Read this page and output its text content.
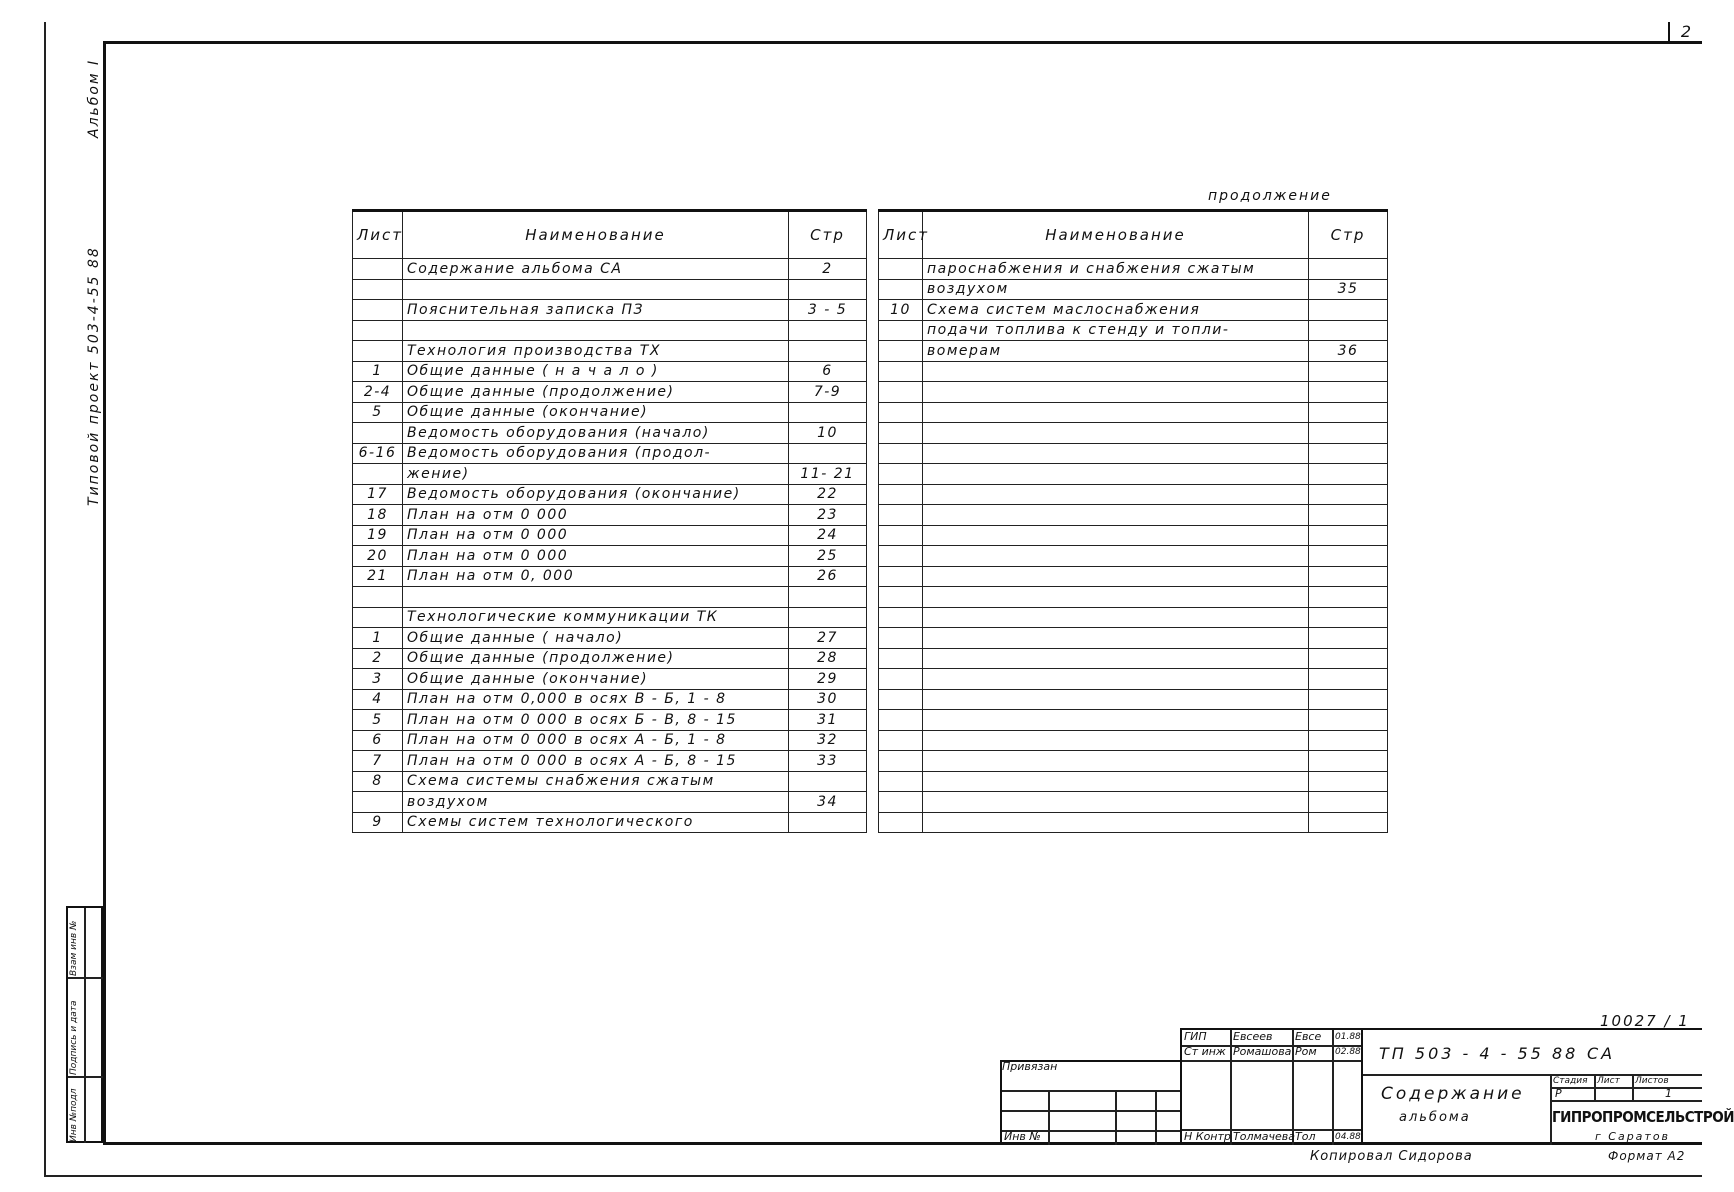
2
Альбом I
Типовой проект 503-4-55 88
Взам инв №
Подпись и дата
Инв №подл
продолжение
Лист	Наименование	Стр
	Содержание альбома СА	2

	Пояснительная записка ПЗ	3 - 5

	Технология производства ТХ	
1	Общие данные ( н а ч а л о )	6
2-4	Общие данные (продолжение)	7-9
5	Общие данные (окончание)	
	Ведомость оборудования (начало)	10
6-16	Ведомость оборудования (продол-	
	жение)	11- 21
17	Ведомость оборудования (окончание)	22
18	План на отм 0 000	23
19	План на отм 0 000	24
20	План на отм 0 000	25
21	План на отм 0, 000	26

	Технологические коммуникации ТК	
1	Общие данные ( начало)	27
2	Общие данные (продолжение)	28
3	Общие данные (окончание)	29
4	План на отм 0,000 в осях В - Б, 1 - 8	30
5	План на отм 0 000 в осях Б - В, 8 - 15	31
6	План на отм 0 000 в осях А - Б, 1 - 8	32
7	План на отм 0 000 в осях А - Б, 8 - 15	33
8	Схема системы снабжения сжатым	
	воздухом	34
9	Схемы систем технологического	
Лист	Наименование	Стр
	пароснабжения и снабжения сжатым	
	воздухом	35
10	Схема систем маслоснабжения	
	подачи топлива к стенду и топли-	
	вомерам	36

10027 / 1
Привязан
Инв №
ГИП	Евсеев	Евсе	01.88
Ст инж Ромашова Ром	02.88
Н Контр Толмачева Тол	04.88
ТП 503 - 4 - 55 88 СА
Содержание
альбома
Стадия	Лист	Листов
Р	1
ГИПРОПРОМСЕЛЬСТРОЙ
г Саратов
Копировал Сидорова	Формат А2
